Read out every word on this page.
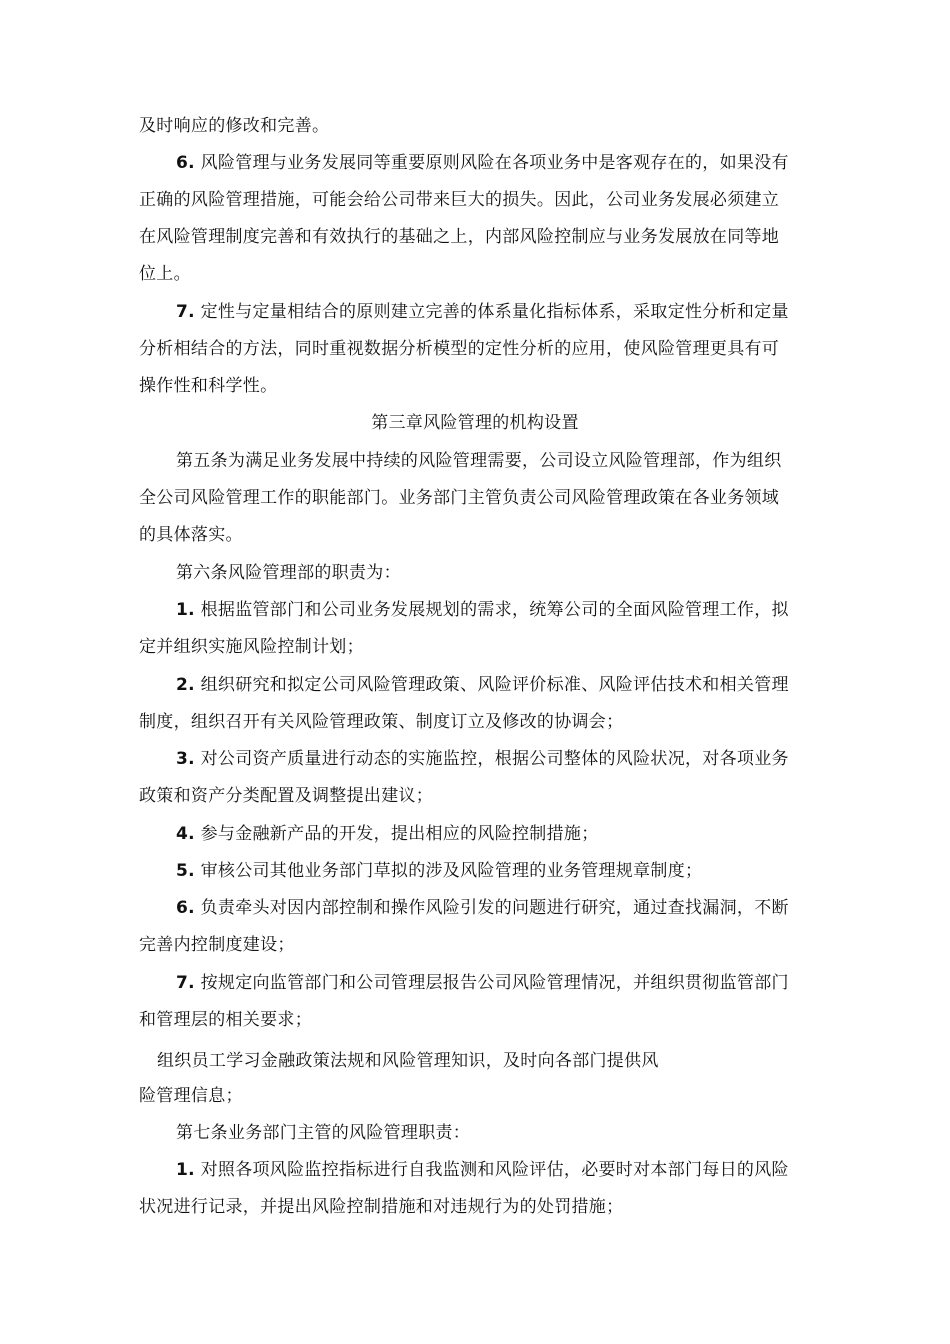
及时响应的修改和完善。
6. 风险管理与业务发展同等重要原则风险在各项业务中是客观存在的，如果没有
正确的风险管理措施，可能会给公司带来巨大的损失。因此，公司业务发展必须建立
在风险管理制度完善和有效执行的基础之上，内部风险控制应与业务发展放在同等地
位上。
7. 定性与定量相结合的原则建立完善的体系量化指标体系，采取定性分析和定量
分析相结合的方法，同时重视数据分析模型的定性分析的应用，使风险管理更具有可
操作性和科学性。
第三章风险管理的机构设置
第五条为满足业务发展中持续的风险管理需要，公司设立风险管理部，作为组织
全公司风险管理工作的职能部门。业务部门主管负责公司风险管理政策在各业务领域
的具体落实。
第六条风险管理部的职责为：
1. 根据监管部门和公司业务发展规划的需求，统筹公司的全面风险管理工作，拟
定并组织实施风险控制计划；
2. 组织研究和拟定公司风险管理政策、风险评价标准、风险评估技术和相关管理
制度，组织召开有关风险管理政策、制度订立及修改的协调会；
3. 对公司资产质量进行动态的实施监控，根据公司整体的风险状况，对各项业务
政策和资产分类配置及调整提出建议；
4. 参与金融新产品的开发，提出相应的风险控制措施；
5. 审核公司其他业务部门草拟的涉及风险管理的业务管理规章制度；
6. 负责牵头对因内部控制和操作风险引发的问题进行研究，通过查找漏洞，不断
完善内控制度建设；
7. 按规定向监管部门和公司管理层报告公司风险管理情况，并组织贯彻监管部门
和管理层的相关要求；
组织员工学习金融政策法规和风险管理知识，及时向各部门提供风
险管理信息；
第七条业务部门主管的风险管理职责：
1. 对照各项风险监控指标进行自我监测和风险评估，必要时对本部门每日的风险
状况进行记录，并提出风险控制措施和对违规行为的处罚措施；
